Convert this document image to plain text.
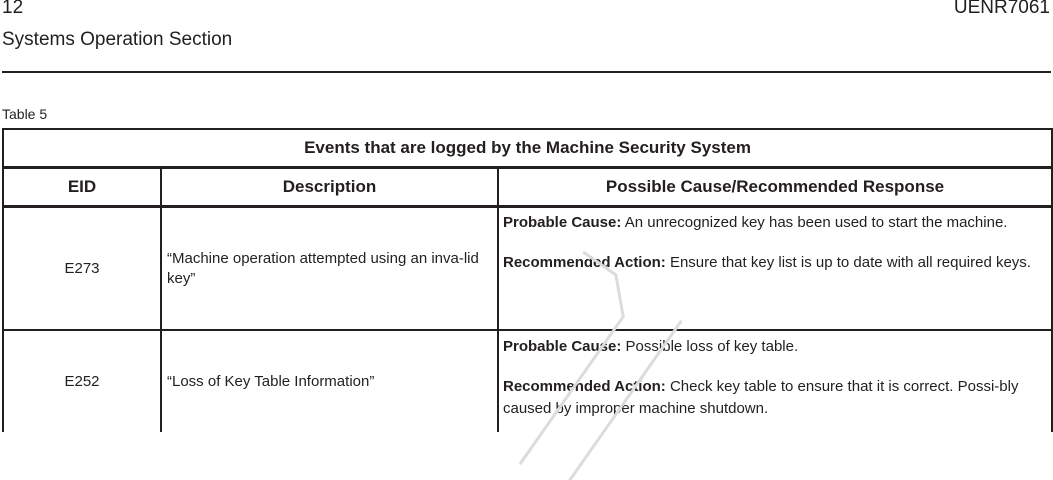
12	UENR7061
Systems Operation Section
Table 5
Events that are logged by the Machine Security System		
EID	Description	Possible Cause/Recommended Response
E273	“Machine operation attempted using an inva-lid key”	Probable Cause: An unrecognized key has been used to start the machine.

Recommended Action: Ensure that key list is up to date with all required keys.

E252	“Loss of Key Table Information”	Probable Cause: Possible loss of key table.

Recommended Action: Check key table to ensure that it is correct. Possi-bly caused by improper machine shutdown.
